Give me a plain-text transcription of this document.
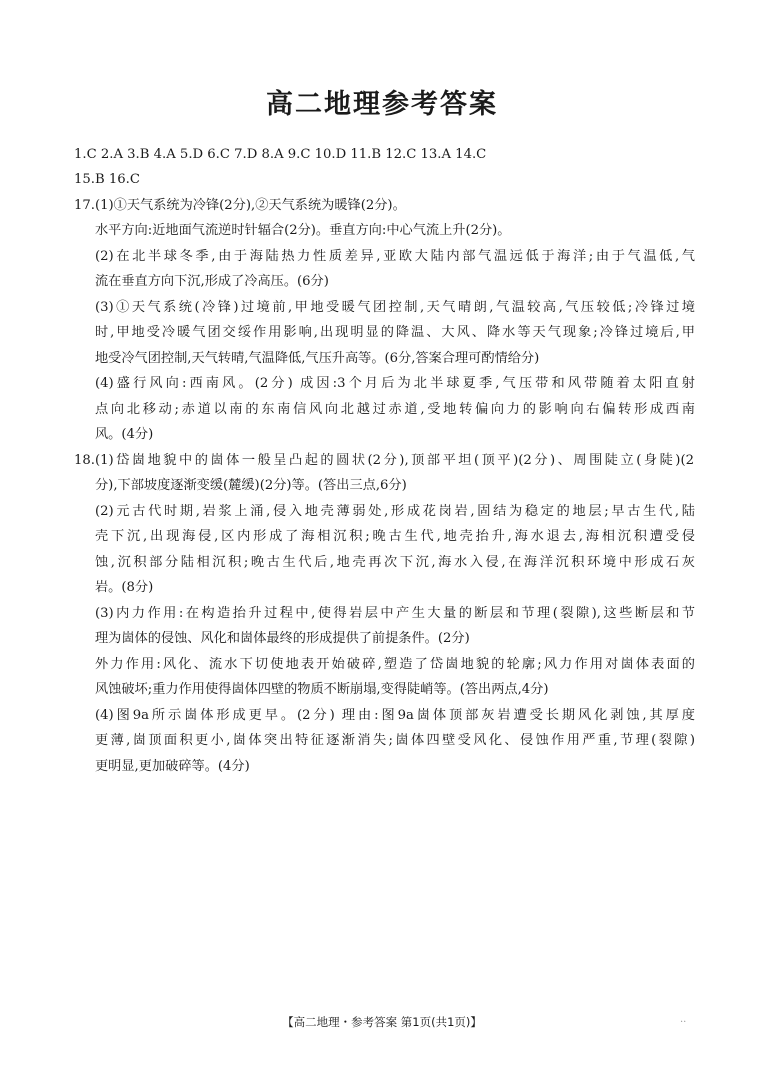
高二地理参考答案
1.C 2.A 3.B 4.A 5.D 6.C 7.D 8.A 9.C 10.D 11.B 12.C 13.A 14.C
15.B 16.C
17.(1)①天气系统为冷锋(2分),②天气系统为暖锋(2分)。
水平方向:近地面气流逆时针辐合(2分)。垂直方向:中心气流上升(2分)。
(2)在北半球冬季,由于海陆热力性质差异,亚欧大陆内部气温远低于海洋;由于气温低,气
流在垂直方向下沉,形成了冷高压。(6分)
(3)①天气系统(冷锋)过境前,甲地受暖气团控制,天气晴朗,气温较高,气压较低;冷锋过境
时,甲地受冷暖气团交绥作用影响,出现明显的降温、大风、降水等天气现象;冷锋过境后,甲
地受冷气团控制,天气转晴,气温降低,气压升高等。(6分,答案合理可酌情给分)
(4)盛行风向:西南风。(2分) 成因:3个月后为北半球夏季,气压带和风带随着太阳直射
点向北移动;赤道以南的东南信风向北越过赤道,受地转偏向力的影响向右偏转形成西南
风。(4分)
18.(1)岱崮地貌中的崮体一般呈凸起的圆状(2分),顶部平坦(顶平)(2分)、周围陡立(身陡)(2
分),下部坡度逐渐变缓(麓缓)(2分)等。(答出三点,6分)
(2)元古代时期,岩浆上涌,侵入地壳薄弱处,形成花岗岩,固结为稳定的地层;早古生代,陆
壳下沉,出现海侵,区内形成了海相沉积;晚古生代,地壳抬升,海水退去,海相沉积遭受侵
蚀,沉积部分陆相沉积;晚古生代后,地壳再次下沉,海水入侵,在海洋沉积环境中形成石灰
岩。(8分)
(3)内力作用:在构造抬升过程中,使得岩层中产生大量的断层和节理(裂隙),这些断层和节
理为崮体的侵蚀、风化和崮体最终的形成提供了前提条件。(2分)
外力作用:风化、流水下切使地表开始破碎,塑造了岱崮地貌的轮廓;风力作用对崮体表面的
风蚀破坏;重力作用使得崮体四壁的物质不断崩塌,变得陡峭等。(答出两点,4分)
(4)图9a所示崮体形成更早。(2分) 理由:图9a崮体顶部灰岩遭受长期风化剥蚀,其厚度
更薄,崮顶面积更小,崮体突出特征逐渐消失;崮体四壁受风化、侵蚀作用严重,节理(裂隙)
更明显,更加破碎等。(4分)
【高二地理・参考答案 第1页(共1页)】	..
